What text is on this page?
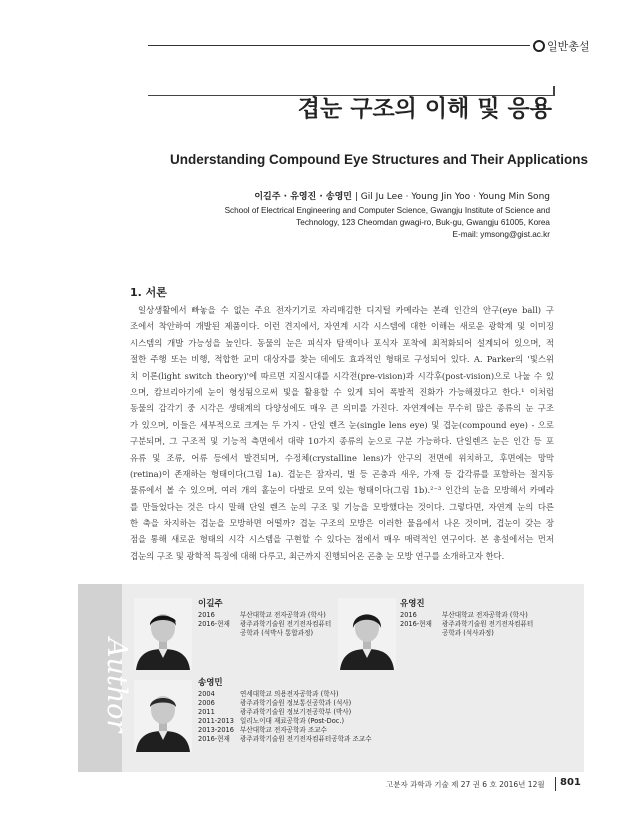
일반총설
겹눈 구조의 이해 및 응용
Understanding Compound Eye Structures and Their Applications
이길주 · 유영진 · 송영민 | Gil Ju Lee · Young Jin Yoo · Young Min Song
School of Electrical Engineering and Computer Science, Gwangju Institute of Science and
Technology, 123 Cheomdan gwagi-ro, Buk-gu, Gwangju 61005, Korea
E-mail: ymsong@gist.ac.kr
1. 서론
일상생활에서 빠놓을 수 없는 주요 전자기기로 자리매김한 디지털 카메라는 본래 인간의 안구(eye ball) 구
조에서 착안하여 개발된 제품이다. 이런 견지에서, 자연계 시각 시스템에 대한 이해는 새로운 광학계 및 이미징
시스템의 개발 가능성을 높인다. 동물의 눈은 피식자 탐색이나 포식자 포착에 최적화되어 설계되어 있으며, 적
절한 주행 또는 비행, 적합한 교미 대상자를 찾는 데에도 효과적인 형태로 구성되어 있다. A. Parker의 '빛스위
치 이론(light switch theory)'에 따르면 지질시대를 시각전(pre-vision)과 시각후(post-vision)으로 나눌 수 있
으며, 캄브리아기에 눈이 형성됨으로써 빛을 활용할 수 있게 되어 폭발적 진화가 가능해졌다고 한다.¹ 이처럼
동물의 감각기 중 시각은 생태계의 다양성에도 매우 큰 의미를 가진다. 자연계에는 무수히 많은 종류의 눈 구조
가 있으며, 이들은 세부적으로 크게는 두 가지 - 단일 렌즈 눈(single lens eye) 및 겹눈(compound eye) - 으로
구분되며, 그 구조적 및 기능적 측면에서 대략 10가지 종류의 눈으로 구분 가능하다. 단일렌즈 눈은 인간 등 포
유류 및 조류, 어류 등에서 발견되며, 수정체(crystalline lens)가 안구의 전면에 위치하고, 후면에는 망막
(retina)이 존재하는 형태이다(그림 1a). 겹눈은 잠자리, 벌 등 곤충과 새우, 가재 등 갑각류를 포함하는 절지동
물류에서 볼 수 있으며, 여러 개의 홑눈이 다발로 모여 있는 형태이다(그림 1b).²⁻³ 인간의 눈을 모방해서 카메라
를 만들었다는 것은 다시 말해 단일 렌즈 눈의 구조 및 기능을 모방했다는 것이다. 그렇다면, 자연계 눈의 다른
한 축을 차지하는 겹눈을 모방하면 어떨까? 겹눈 구조의 모방은 이러한 물음에서 나온 것이며, 겹눈이 갖는 장
점을 통해 새로운 형태의 시각 시스템을 구현할 수 있다는 점에서 매우 매력적인 연구이다. 본 총설에서는 먼저
겹눈의 구조 및 광학적 특징에 대해 다루고, 최근까지 진행되어온 곤충 눈 모방 연구를 소개하고자 한다.
Author
이길주
2016	부산대학교 전자공학과 (학사)
2016-현재 광주과학기술원 전기전자컴퓨터
공학과 (석박사 통합과정)
유영진
2016	부산대학교 전자공학과 (학사)
2016-현재 광주과학기술원 전기전자컴퓨터
공학과 (석사과정)
송영민
2004	연세대학교 의용전자공학과 (학사)
2006	광주과학기술원 정보통신공학과 (석사)
2011	광주과학기술원 정보기전공학부 (박사)
2011-2013 일리노이대 재료공학과 (Post-Doc.)
2013-2016 부산대학교 전자공학과 조교수
2016-현재 광주과학기술원 전기전자컴퓨터공학과 조교수
고분자 과학과 기술 제 27 권 6 호 2016년 12월 801
